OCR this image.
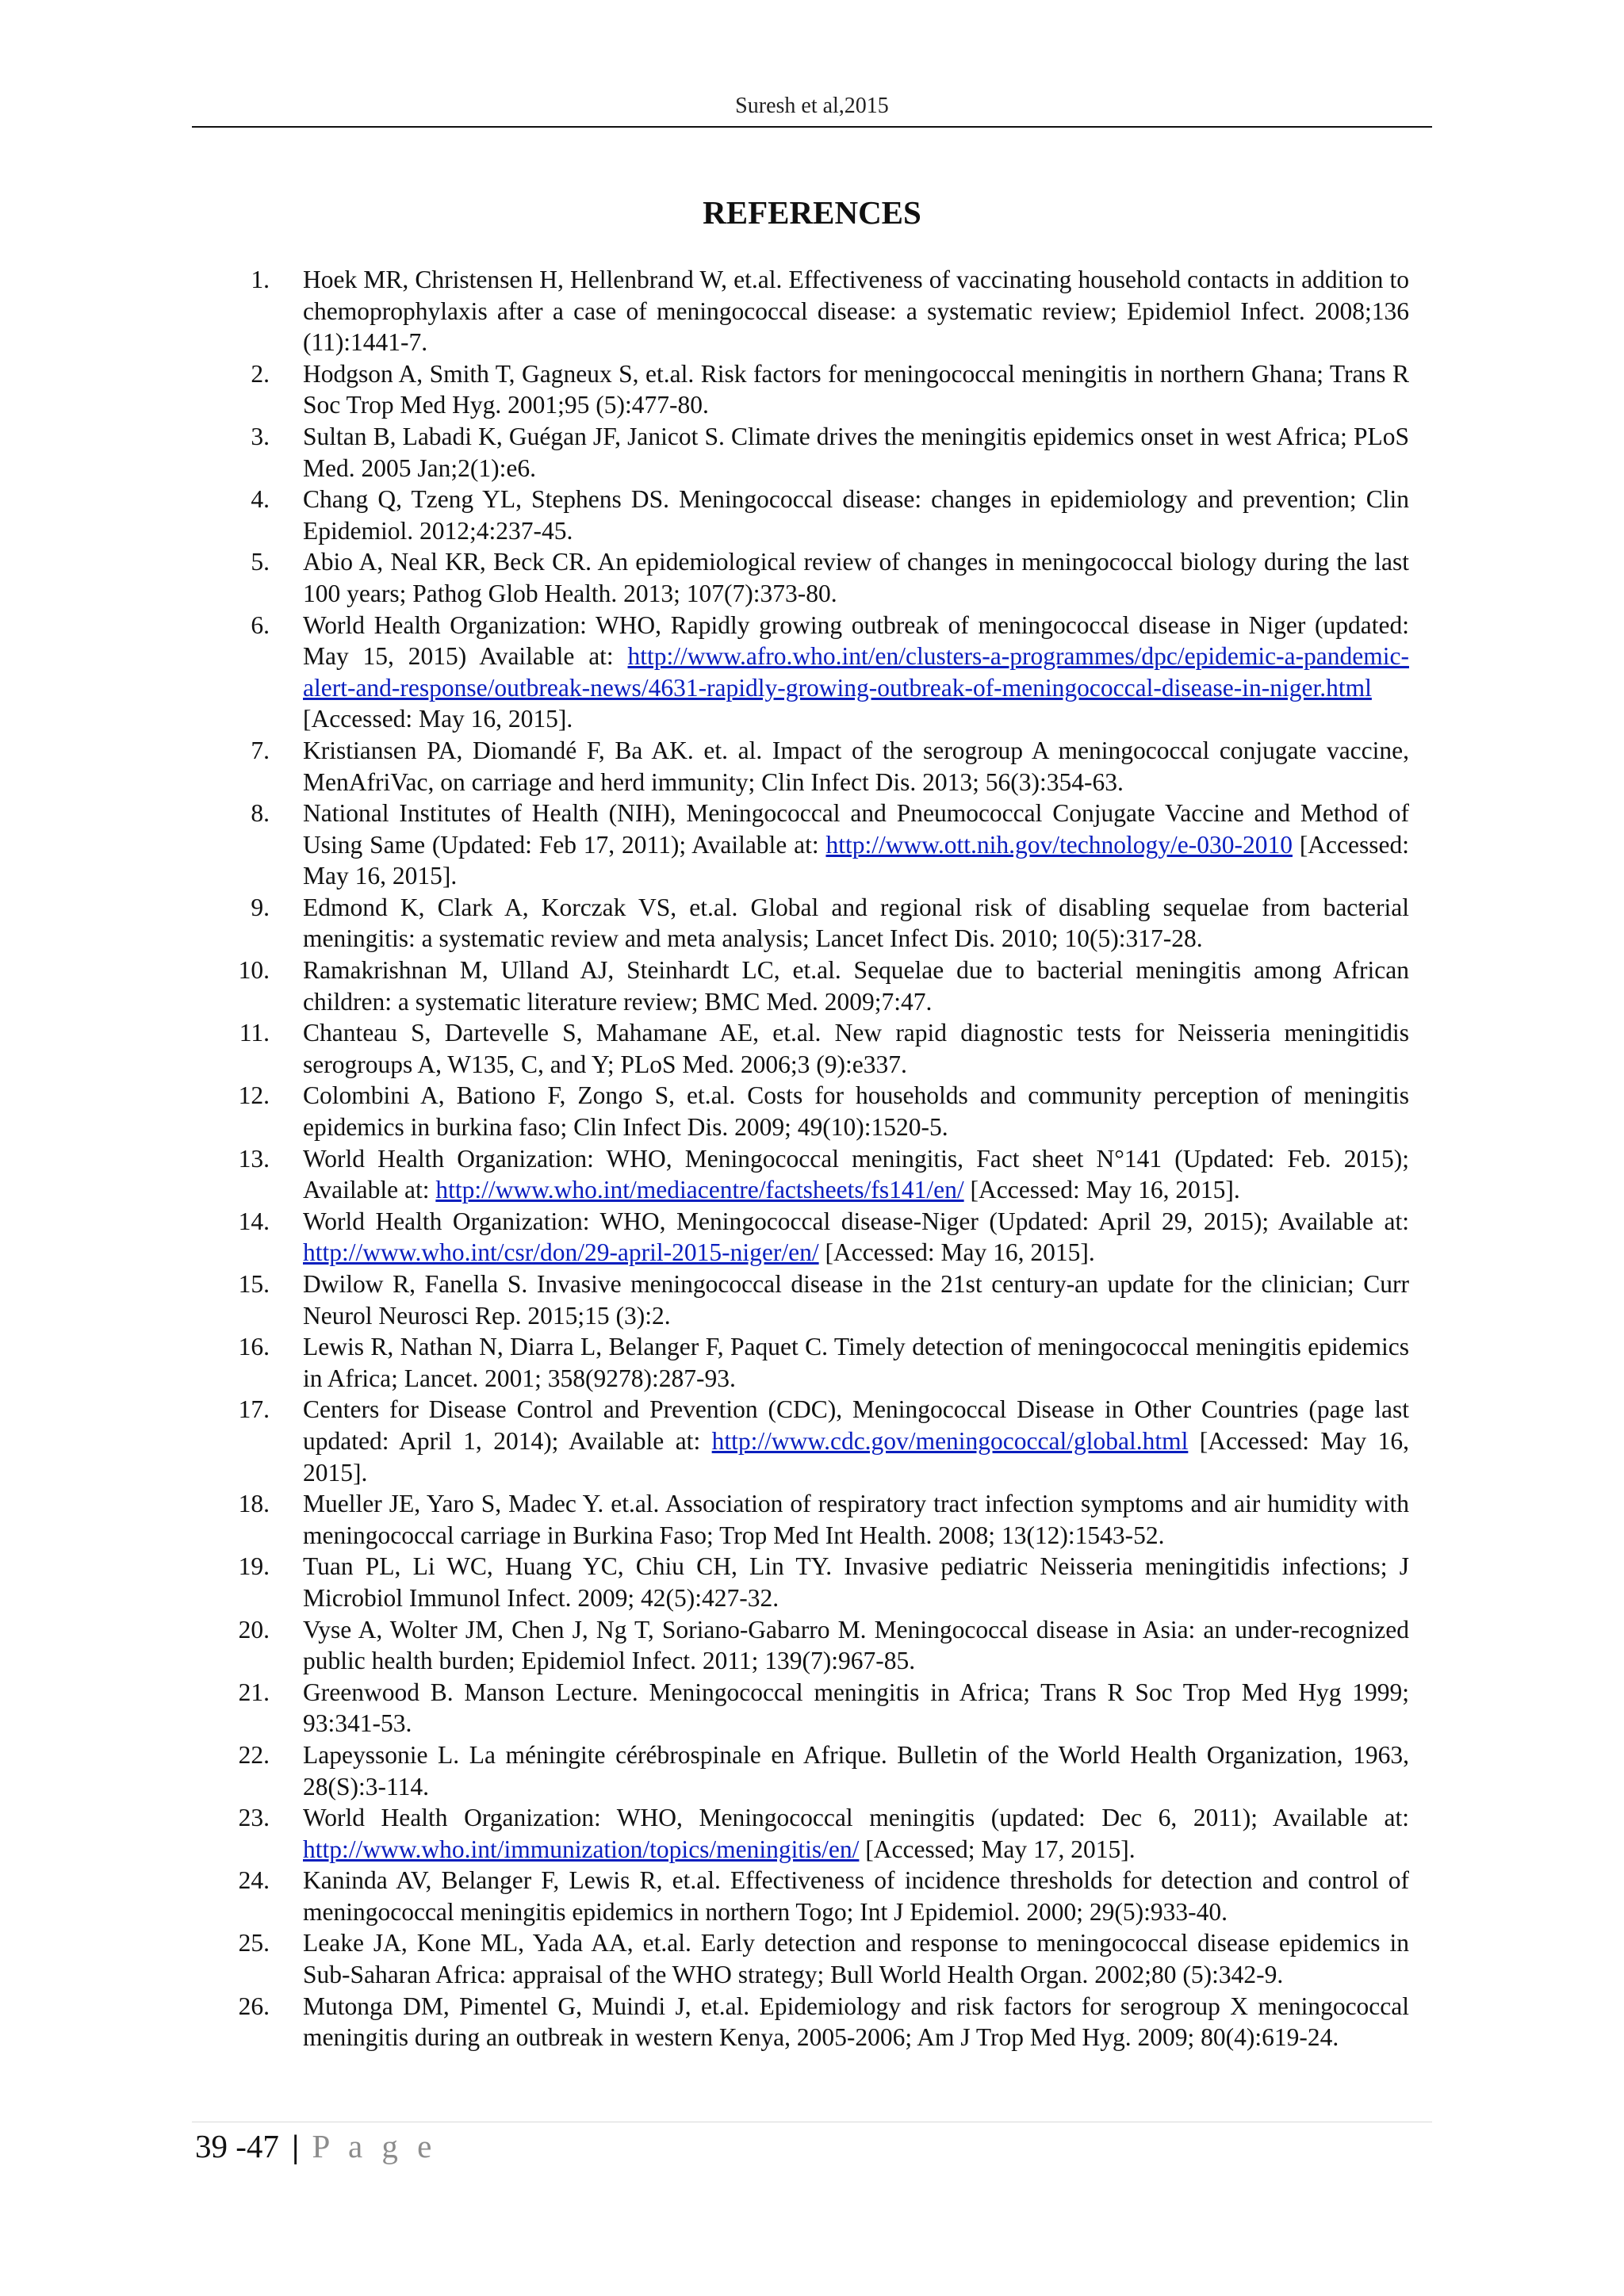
Suresh et al,2015
REFERENCES
1.	Hoek MR, Christensen H, Hellenbrand W, et.al. Effectiveness of vaccinating household contacts in addition to chemoprophylaxis after a case of meningococcal disease: a systematic review; Epidemiol Infect. 2008;136 (11):1441-7.
2.	Hodgson A, Smith T, Gagneux S, et.al. Risk factors for meningococcal meningitis in northern Ghana; Trans R Soc Trop Med Hyg. 2001;95 (5):477-80.
3.	Sultan B, Labadi K, Guégan JF, Janicot S. Climate drives the meningitis epidemics onset in west Africa; PLoS Med. 2005 Jan;2(1):e6.
4.	Chang Q, Tzeng YL, Stephens DS. Meningococcal disease: changes in epidemiology and prevention; Clin Epidemiol. 2012;4:237-45.
5.	Abio A, Neal KR, Beck CR. An epidemiological review of changes in meningococcal biology during the last 100 years; Pathog Glob Health. 2013; 107(7):373-80.
6.	World Health Organization: WHO, Rapidly growing outbreak of meningococcal disease in Niger (updated: May 15, 2015) Available at: http://www.afro.who.int/en/clusters-a-programmes/dpc/epidemic-a-pandemic-alert-and-response/outbreak-news/4631-rapidly-growing-outbreak-of-meningococcal-disease-in-niger.html [Accessed: May 16, 2015].
7.	Kristiansen PA, Diomandé F, Ba AK. et. al. Impact of the serogroup A meningococcal conjugate vaccine, MenAfriVac, on carriage and herd immunity; Clin Infect Dis. 2013; 56(3):354-63.
8.	National Institutes of Health (NIH), Meningococcal and Pneumococcal Conjugate Vaccine and Method of Using Same (Updated: Feb 17, 2011); Available at: http://www.ott.nih.gov/technology/e-030-2010 [Accessed: May 16, 2015].
9.	Edmond K, Clark A, Korczak VS, et.al. Global and regional risk of disabling sequelae from bacterial meningitis: a systematic review and meta analysis; Lancet Infect Dis. 2010; 10(5):317-28.
10.	Ramakrishnan M, Ulland AJ, Steinhardt LC, et.al. Sequelae due to bacterial meningitis among African children: a systematic literature review; BMC Med. 2009;7:47.
11.	Chanteau S, Dartevelle S, Mahamane AE, et.al. New rapid diagnostic tests for Neisseria meningitidis serogroups A, W135, C, and Y; PLoS Med. 2006;3 (9):e337.
12.	Colombini A, Bationo F, Zongo S, et.al. Costs for households and community perception of meningitis epidemics in burkina faso; Clin Infect Dis. 2009; 49(10):1520-5.
13.	World Health Organization: WHO, Meningococcal meningitis, Fact sheet N°141 (Updated: Feb. 2015); Available at: http://www.who.int/mediacentre/factsheets/fs141/en/ [Accessed: May 16, 2015].
14.	World Health Organization: WHO, Meningococcal disease-Niger (Updated: April 29, 2015); Available at: http://www.who.int/csr/don/29-april-2015-niger/en/ [Accessed: May 16, 2015].
15.	Dwilow R, Fanella S. Invasive meningococcal disease in the 21st century-an update for the clinician; Curr Neurol Neurosci Rep. 2015;15 (3):2.
16.	Lewis R, Nathan N, Diarra L, Belanger F, Paquet C. Timely detection of meningococcal meningitis epidemics in Africa; Lancet. 2001; 358(9278):287-93.
17.	Centers for Disease Control and Prevention (CDC), Meningococcal Disease in Other Countries (page last updated: April 1, 2014); Available at: http://www.cdc.gov/meningococcal/global.html [Accessed: May 16, 2015].
18.	Mueller JE, Yaro S, Madec Y. et.al. Association of respiratory tract infection symptoms and air humidity with meningococcal carriage in Burkina Faso; Trop Med Int Health. 2008; 13(12):1543-52.
19.	Tuan PL, Li WC, Huang YC, Chiu CH, Lin TY. Invasive pediatric Neisseria meningitidis infections; J Microbiol Immunol Infect. 2009; 42(5):427-32.
20.	Vyse A, Wolter JM, Chen J, Ng T, Soriano-Gabarro M. Meningococcal disease in Asia: an under-recognized public health burden; Epidemiol Infect. 2011; 139(7):967-85.
21.	Greenwood B. Manson Lecture. Meningococcal meningitis in Africa; Trans R Soc Trop Med Hyg 1999; 93:341-53.
22.	Lapeyssonie L. La méningite cérébrospinale en Afrique. Bulletin of the World Health Organization, 1963, 28(S):3-114.
23.	World Health Organization: WHO, Meningococcal meningitis (updated: Dec 6, 2011); Available at: http://www.who.int/immunization/topics/meningitis/en/ [Accessed; May 17, 2015].
24.	Kaninda AV, Belanger F, Lewis R, et.al. Effectiveness of incidence thresholds for detection and control of meningococcal meningitis epidemics in northern Togo; Int J Epidemiol. 2000; 29(5):933-40.
25.	Leake JA, Kone ML, Yada AA, et.al. Early detection and response to meningococcal disease epidemics in Sub-Saharan Africa: appraisal of the WHO strategy; Bull World Health Organ. 2002;80 (5):342-9.
26.	Mutonga DM, Pimentel G, Muindi J, et.al. Epidemiology and risk factors for serogroup X meningococcal meningitis during an outbreak in western Kenya, 2005-2006; Am J Trop Med Hyg. 2009; 80(4):619-24.
39 -47 | P a g e
